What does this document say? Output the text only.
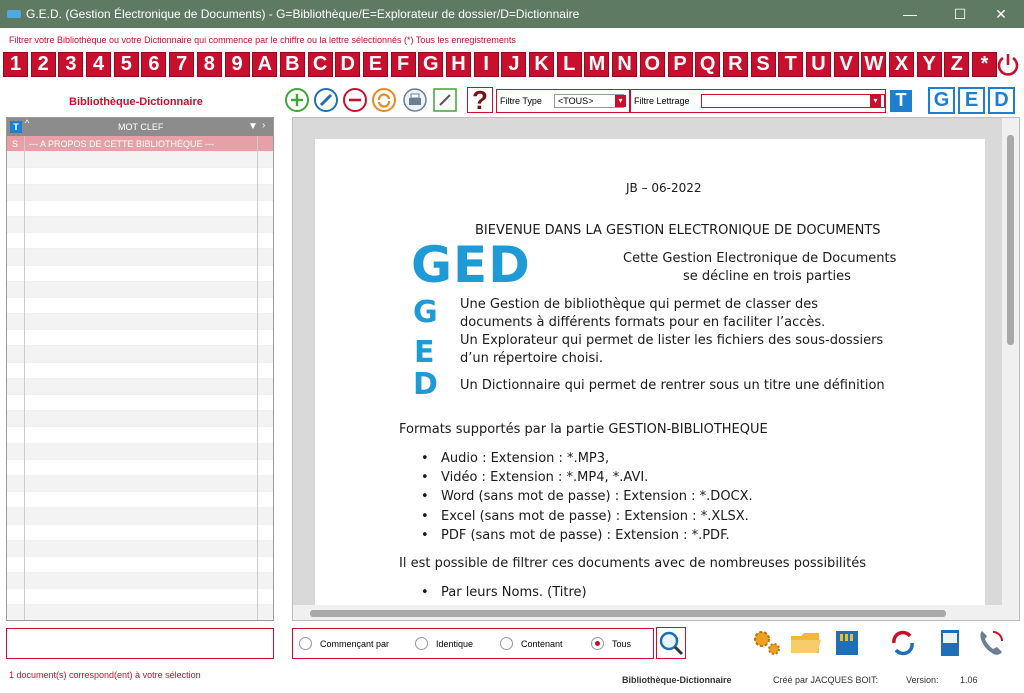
G.E.D. (Gestion Électronique de Documents) - G=Bibliothèque/E=Explorateur de dossier/D=Dictionnaire	—	☐	✕
Filtrer votre Bibliothèque ou votre Dictionnaire qui commence par le chiffre ou la lettre sélectionnés (*) Tous les enregistrements
1 2 3 4 5 6 7 8 9 A B C D E F G H I J K L M N O P Q R S T U V W X Y Z *
Bibliothèque-Dictionnaire
T ^	MOT CLEF	▼ ›
S --- A PROPOS DE CETTE BIBLIOTHÈQUE ---
?	Filtre Type	<TOUS>	▾	Filtre Lettrage	▾	T G E D
JB – 06-2022
BIEVENUE DANS LA GESTION ELECTRONIQUE DE DOCUMENTS
GED	Cette Gestion Electronique de Documents
se décline en trois parties
G Une Gestion de bibliothèque qui permet de classer des
documents à différents formats pour en faciliter l’accès.
E Un Explorateur qui permet de lister les fichiers des sous-dossiers
d’un répertoire choisi.
D Un Dictionnaire qui permet de rentrer sous un titre une définition
Formats supportés par la partie GESTION-BIBLIOTHEQUE
• Audio : Extension : *.MP3,
• Vidéo : Extension : *.MP4, *.AVI.
• Word (sans mot de passe) : Extension : *.DOCX.
• Excel (sans mot de passe) : Extension : *.XLSX.
• PDF (sans mot de passe) : Extension : *.PDF.
Il est possible de filtrer ces documents avec de nombreuses possibilités
• Par leurs Noms. (Titre)
Commençant par	Identique	Contenant	Tous
1 document(s) correspond(ent) à votre sélection	Bibliothèque-Dictionnaire	Créé par JACQUES BOIT:	Version: 1.06
